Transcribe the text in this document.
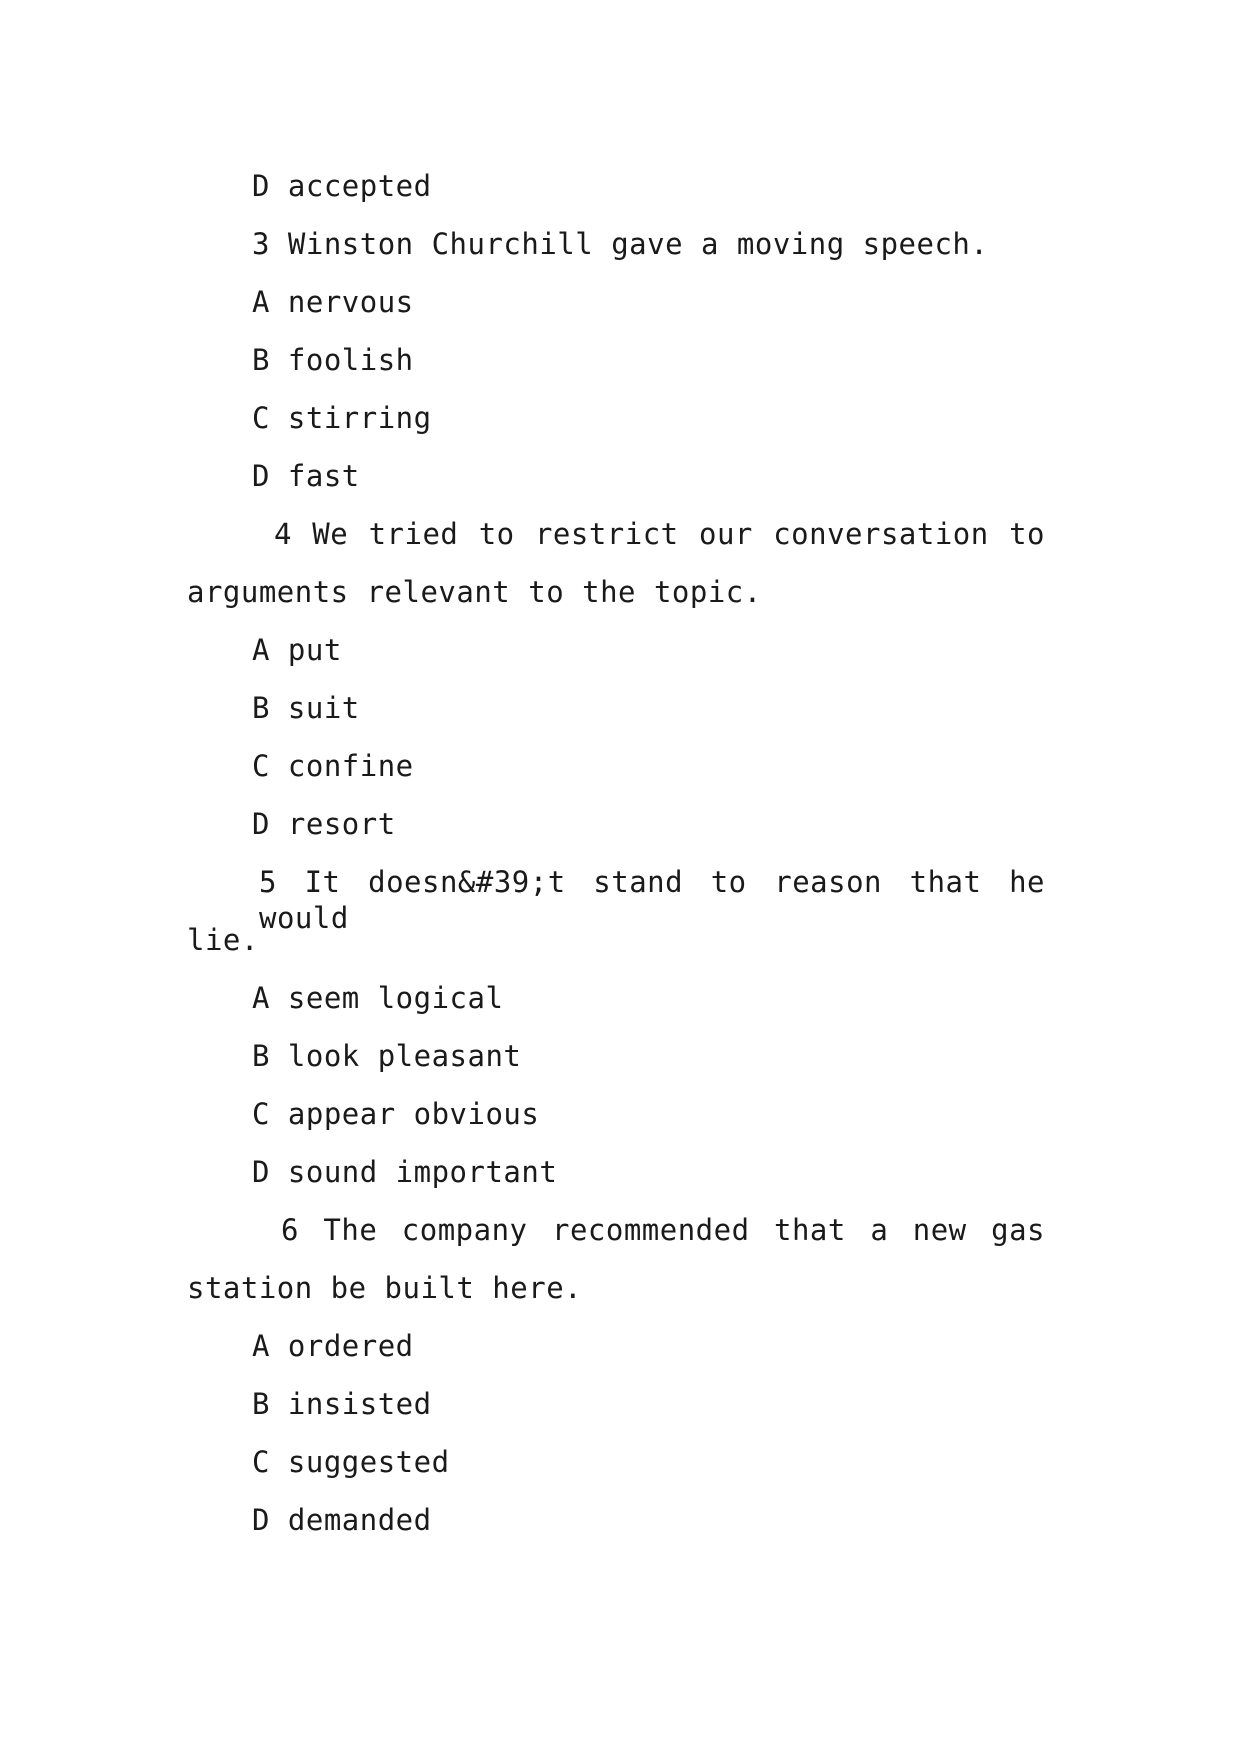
D accepted
3 Winston Churchill gave a moving speech.
A nervous
B foolish
C stirring
D fast
4 We tried to restrict our conversation to
arguments relevant to the topic.
A put
B suit
C confine
D resort
5 It doesn&#39;t stand to reason that he would
lie.
A seem logical
B look pleasant
C appear obvious
D sound important
6 The company recommended that a new gas
station be built here.
A ordered
B insisted
C suggested
D demanded
